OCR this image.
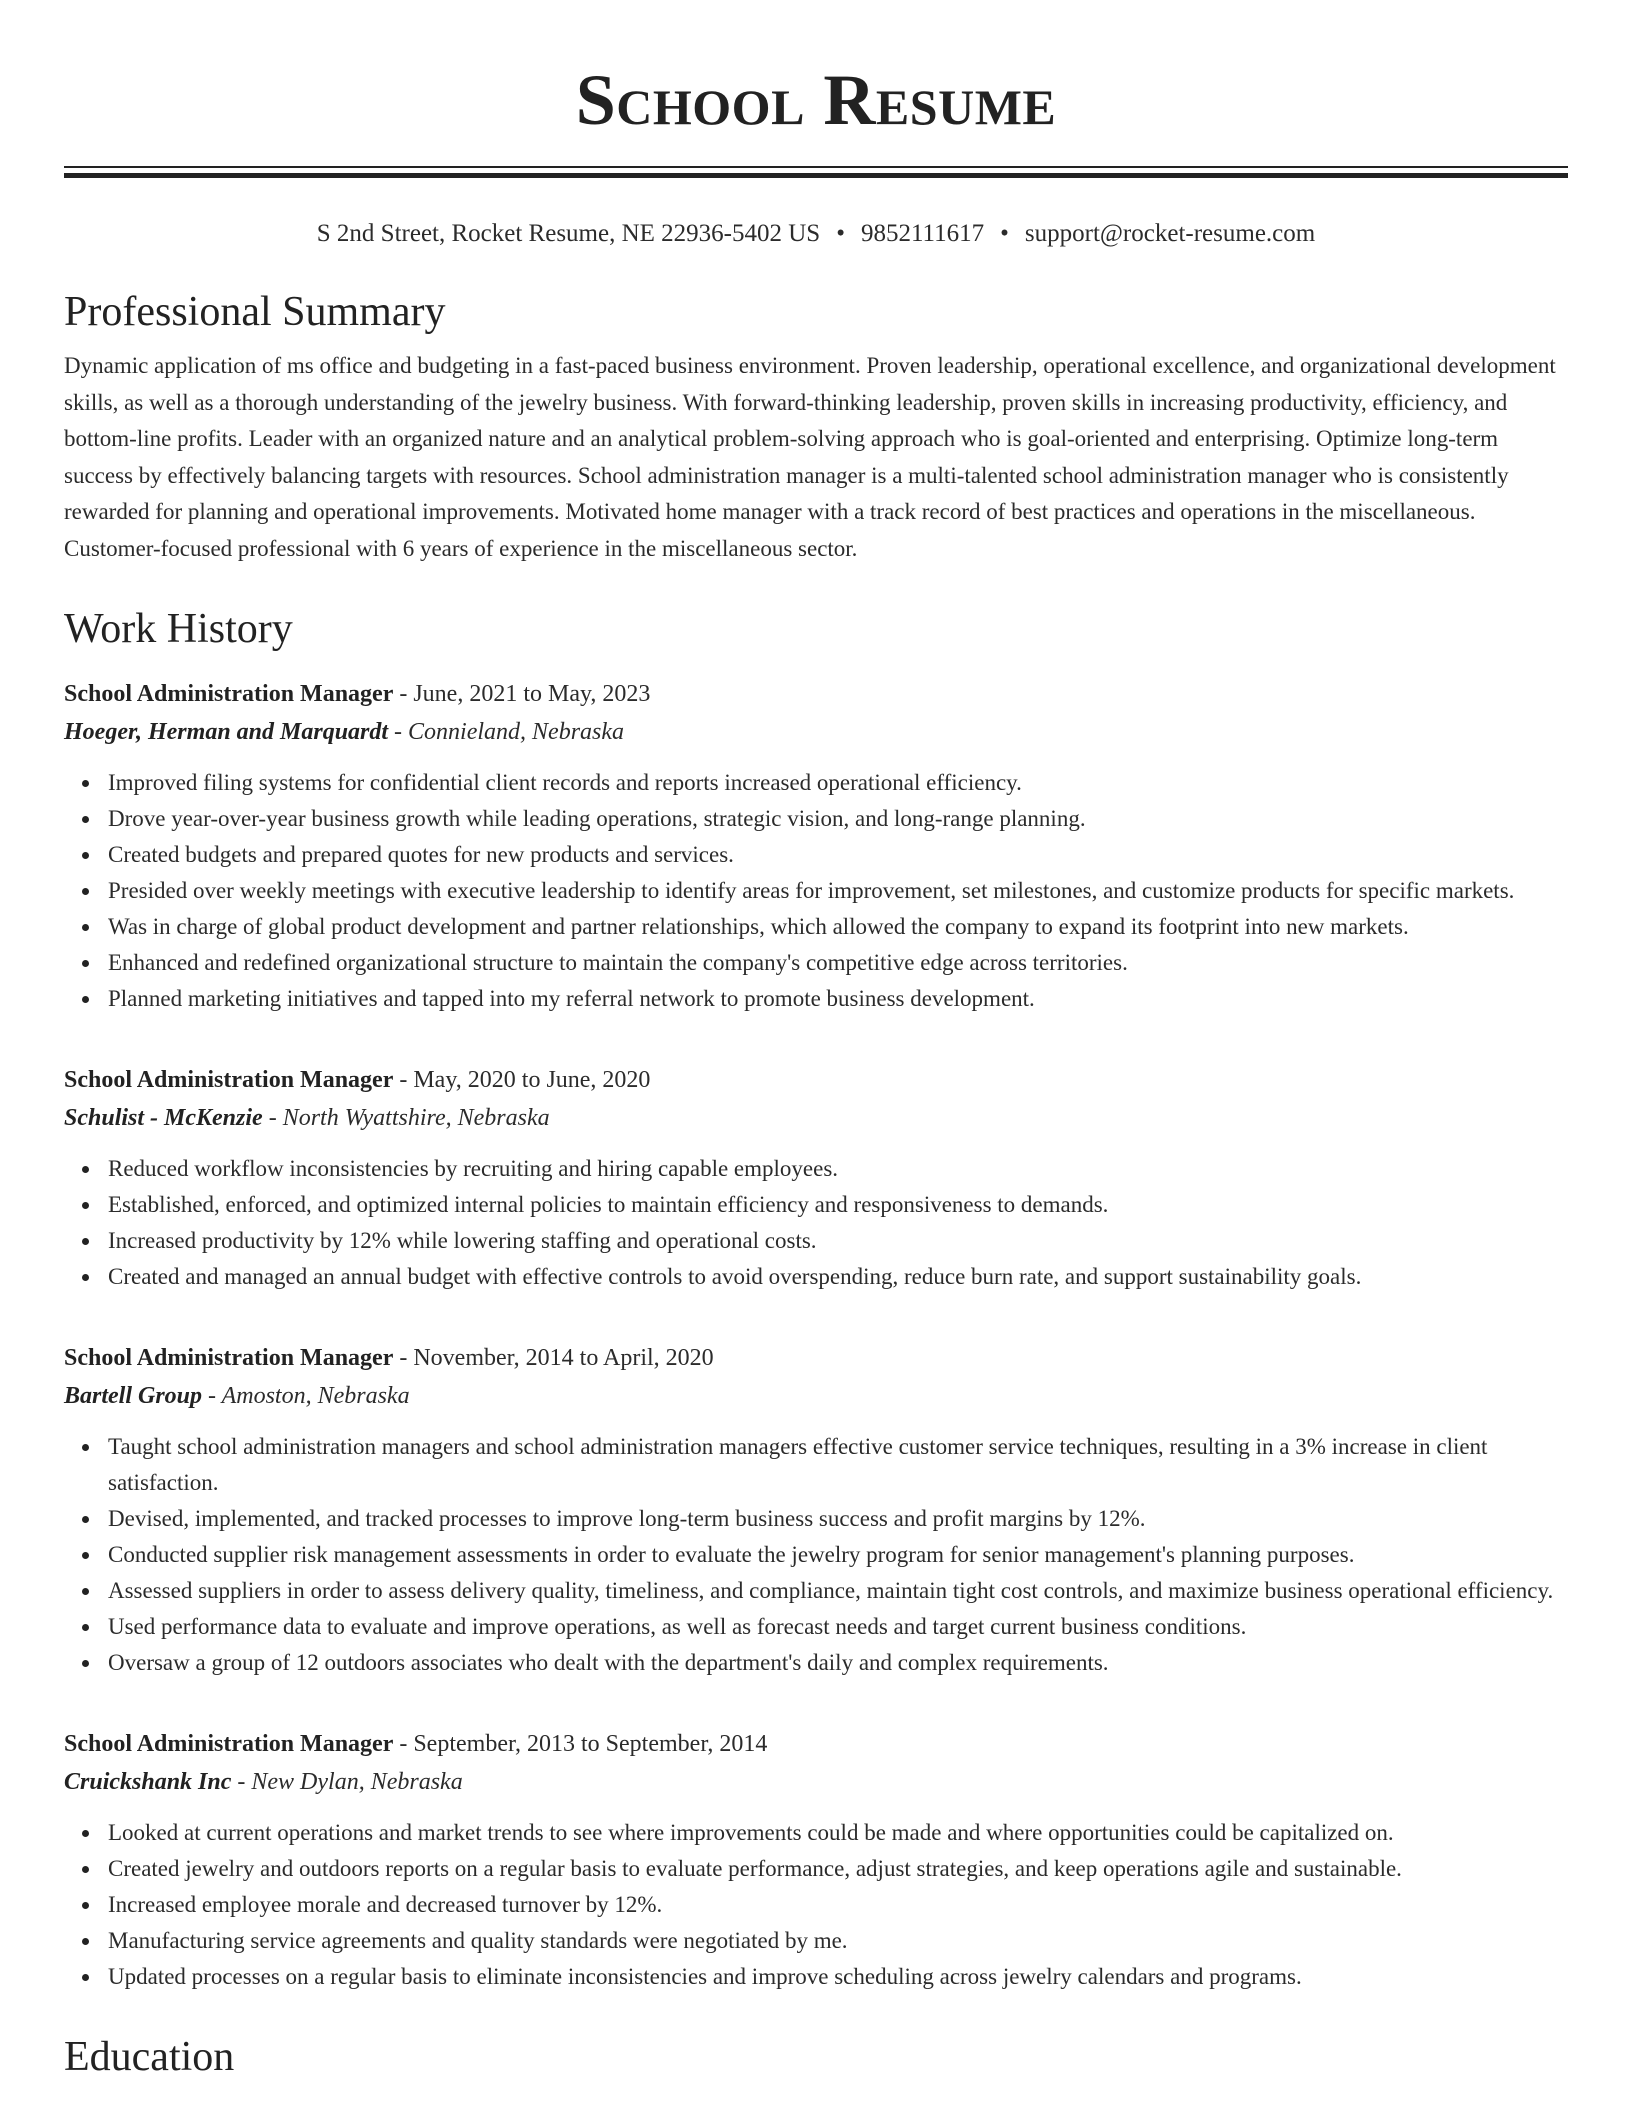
School Resume
S 2nd Street, Rocket Resume, NE 22936-5402 US • 9852111617 • support@rocket-resume.com
Professional Summary

Dynamic application of ms office and budgeting in a fast-paced business environment. Proven leadership, operational excellence, and organizational development skills, as well as a thorough understanding of the jewelry business. With forward-thinking leadership, proven skills in increasing productivity, efficiency, and bottom-line profits. Leader with an organized nature and an analytical problem-solving approach who is goal-oriented and enterprising. Optimize long-term success by effectively balancing targets with resources. School administration manager is a multi-talented school administration manager who is consistently rewarded for planning and operational improvements. Motivated home manager with a track record of best practices and operations in the miscellaneous. Customer-focused professional with 6 years of experience in the miscellaneous sector.

Work History
School Administration Manager - June, 2021 to May, 2023
Hoeger, Herman and Marquardt - Connieland, Nebraska
Improved filing systems for confidential client records and reports increased operational efficiency.
Drove year-over-year business growth while leading operations, strategic vision, and long-range planning.
Created budgets and prepared quotes for new products and services.
Presided over weekly meetings with executive leadership to identify areas for improvement, set milestones, and customize products for specific markets.
Was in charge of global product development and partner relationships, which allowed the company to expand its footprint into new markets.
Enhanced and redefined organizational structure to maintain the company's competitive edge across territories.
Planned marketing initiatives and tapped into my referral network to promote business development.
School Administration Manager - May, 2020 to June, 2020
Schulist - McKenzie - North Wyattshire, Nebraska
Reduced workflow inconsistencies by recruiting and hiring capable employees.
Established, enforced, and optimized internal policies to maintain efficiency and responsiveness to demands.
Increased productivity by 12% while lowering staffing and operational costs.
Created and managed an annual budget with effective controls to avoid overspending, reduce burn rate, and support sustainability goals.
School Administration Manager - November, 2014 to April, 2020
Bartell Group - Amoston, Nebraska
Taught school administration managers and school administration managers effective customer service techniques, resulting in a 3% increase in client satisfaction.
Devised, implemented, and tracked processes to improve long-term business success and profit margins by 12%.
Conducted supplier risk management assessments in order to evaluate the jewelry program for senior management's planning purposes.
Assessed suppliers in order to assess delivery quality, timeliness, and compliance, maintain tight cost controls, and maximize business operational efficiency.
Used performance data to evaluate and improve operations, as well as forecast needs and target current business conditions.
Oversaw a group of 12 outdoors associates who dealt with the department's daily and complex requirements.
School Administration Manager - September, 2013 to September, 2014
Cruickshank Inc - New Dylan, Nebraska
Looked at current operations and market trends to see where improvements could be made and where opportunities could be capitalized on.
Created jewelry and outdoors reports on a regular basis to evaluate performance, adjust strategies, and keep operations agile and sustainable.
Increased employee morale and decreased turnover by 12%.
Manufacturing service agreements and quality standards were negotiated by me.
Updated processes on a regular basis to eliminate inconsistencies and improve scheduling across jewelry calendars and programs.
Education
